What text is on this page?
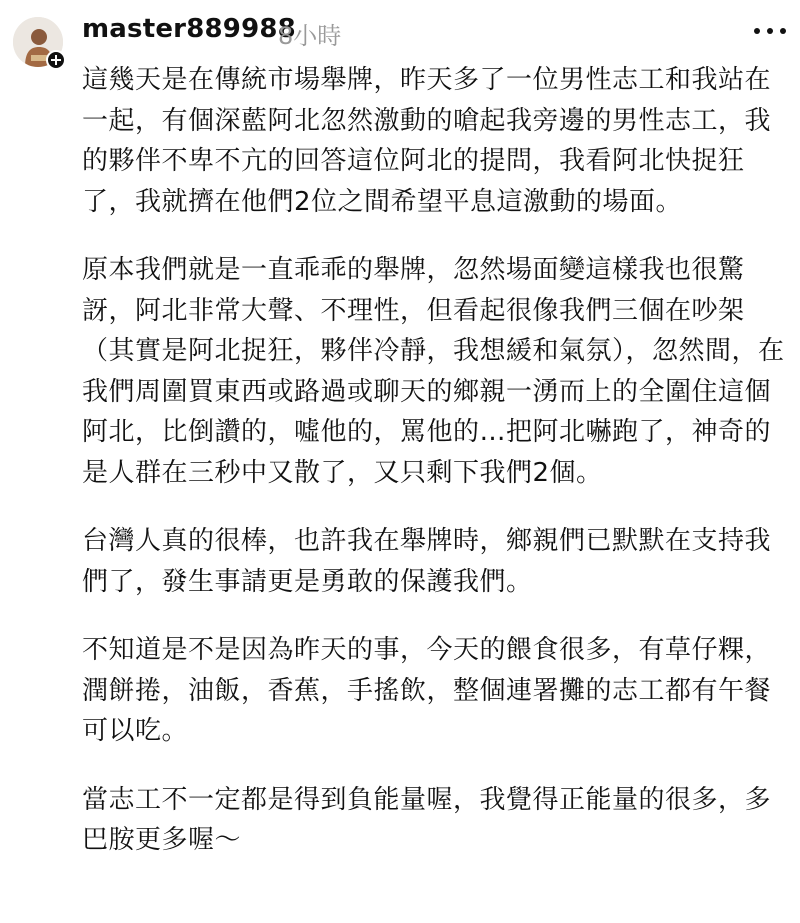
master889988
8小時

這幾天是在傳統市場舉牌，昨天多了一位男性志工和我站在一起，有個深藍阿北忽然激動的嗆起我旁邊的男性志工，我的夥伴不卑不亢的回答這位阿北的提問，我看阿北快捉狂了，我就擠在他們2位之間希望平息這激動的場面。

原本我們就是一直乖乖的舉牌，忽然場面變這樣我也很驚訝，阿北非常大聲、不理性，但看起很像我們三個在吵架（其實是阿北捉狂，夥伴冷靜，我想緩和氣氛），忽然間，在我們周圍買東西或路過或聊天的鄉親一湧而上的全圍住這個阿北，比倒讚的，噓他的，罵他的…把阿北嚇跑了，神奇的是人群在三秒中又散了，又只剩下我們2個。

台灣人真的很棒，也許我在舉牌時，鄉親們已默默在支持我們了，發生事請更是勇敢的保護我們。

不知道是不是因為昨天的事，今天的餵食很多，有草仔粿，潤餅捲，油飯，香蕉，手搖飲，整個連署攤的志工都有午餐可以吃。

當志工不一定都是得到負能量喔，我覺得正能量的很多，多巴胺更多喔～
